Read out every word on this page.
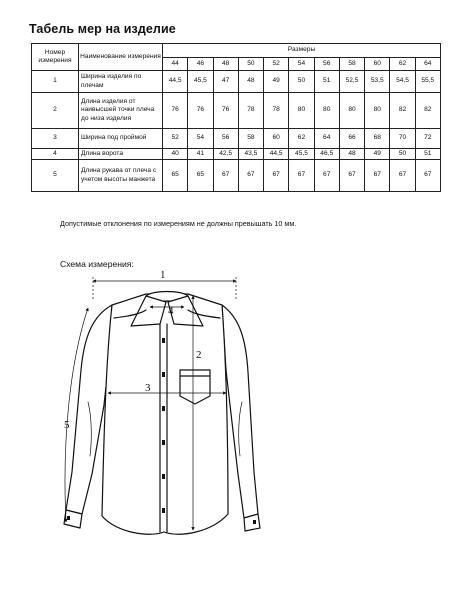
Табель мер на изделие
Номер измерения	Наименование измерения	Размеры										
		44	46	48	50	52	54	56	58	60	62	64
1	Ширина изделия по плечам	44,5	45,5	47	48	49	50	51	52,5	53,5	54,5	55,5
2	Длина изделия от наивысшей точки плеча до низа изделия	76	76	76	78	78	80	80	80	80	82	82
3	Ширина под проймой	52	54	56	58	60	62	64	66	68	70	72
4	Длина ворота	40	41	42,5	43,5	44,5	45,5	46,5	48	49	50	51
5	Длина рукава от плеча с учетом высоты манжета	65	65	67	67	67	67	67	67	67	67	67
Допустимые отклонения по измерениям не должны превышать 10 мм.
Схема измерения:
1
2
3
4
5
